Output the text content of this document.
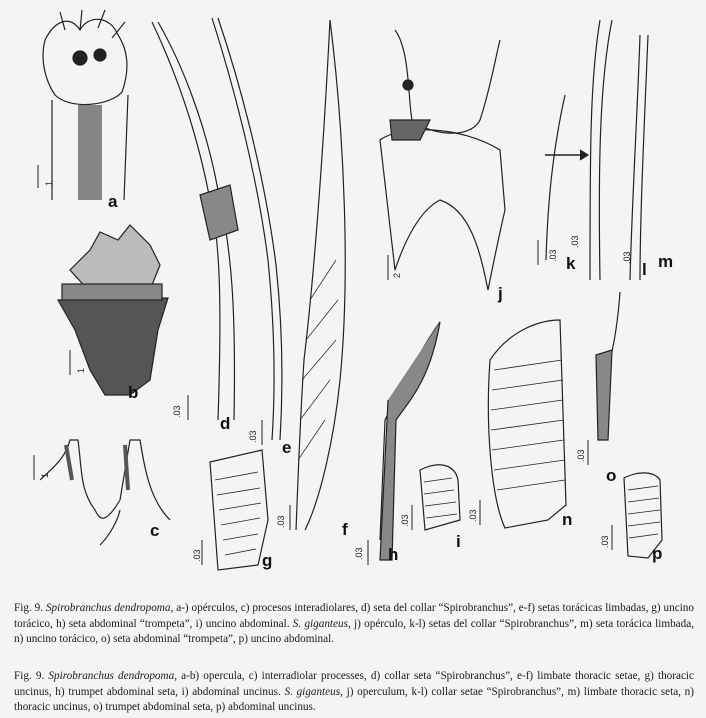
a
b
c
d
e
f
g	h
i
j
k	l m
n
o
p
1
1
1
.03
.03
.03
.03	.03
.03
2
.03
.03
.03
.03
.03
.03

Fig. 9. Spirobranchus dendropoma, a-) opérculos, c) procesos interadiolares, d) seta del collar “Spirobranchus”, e-f) setas torácicas limbadas, g) uncino torácico, h) seta abdominal “trompeta”, i) uncino abdominal. S. giganteus, j) opérculo, k-l) setas del collar “Spirobranchus”, m) seta torácica limbada, n) uncino torácico, o) seta abdominal “trompeta”, p) uncino abdominal.

Fig. 9. Spirobranchus dendropoma, a-b) opercula, c) interradiolar processes, d) collar seta “Spirobranchus”, e-f) limbate thoracic setae, g) thoracic uncinus, h) trumpet abdominal seta, i) abdominal uncinus. S. giganteus, j) operculum, k-l) collar setae “Spirobranchus”, m) limbate thoracic seta, n) thoracic uncinus, o) trumpet abdominal seta, p) abdominal uncinus.
